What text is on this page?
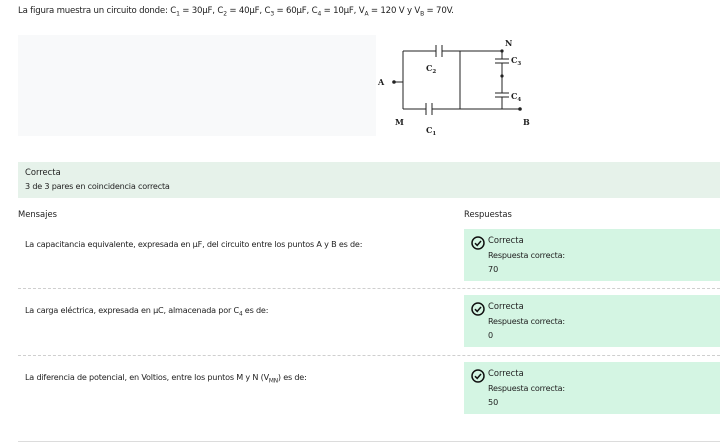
La figura muestra un circuito donde: $C_1 = 30\mu F$, $C_2 = 40\mu F$, $C_3 = 60\mu F$, $C_4 = 10\mu F$, $V_A = 120$ V y $V_B = 70V$.
A
B
M
N
$C_2$
$C_1$
$C_3$
$C_4$
Correcta
3 de 3 pares en coincidencia correcta
Mensajes	Respuestas
La capacitancia equivalente, expresada en μF, del circuito entre los puntos A y B es de:	Correcta
Respuesta correcta:
70
La carga eléctrica, expresada en μC, almacenada por $C_4$ es de:	Correcta
Respuesta correcta:
0
La diferencia de potencial, en Voltios, entre los puntos M y N $(V_{MN})$ es de:	Correcta
Respuesta correcta:
50
